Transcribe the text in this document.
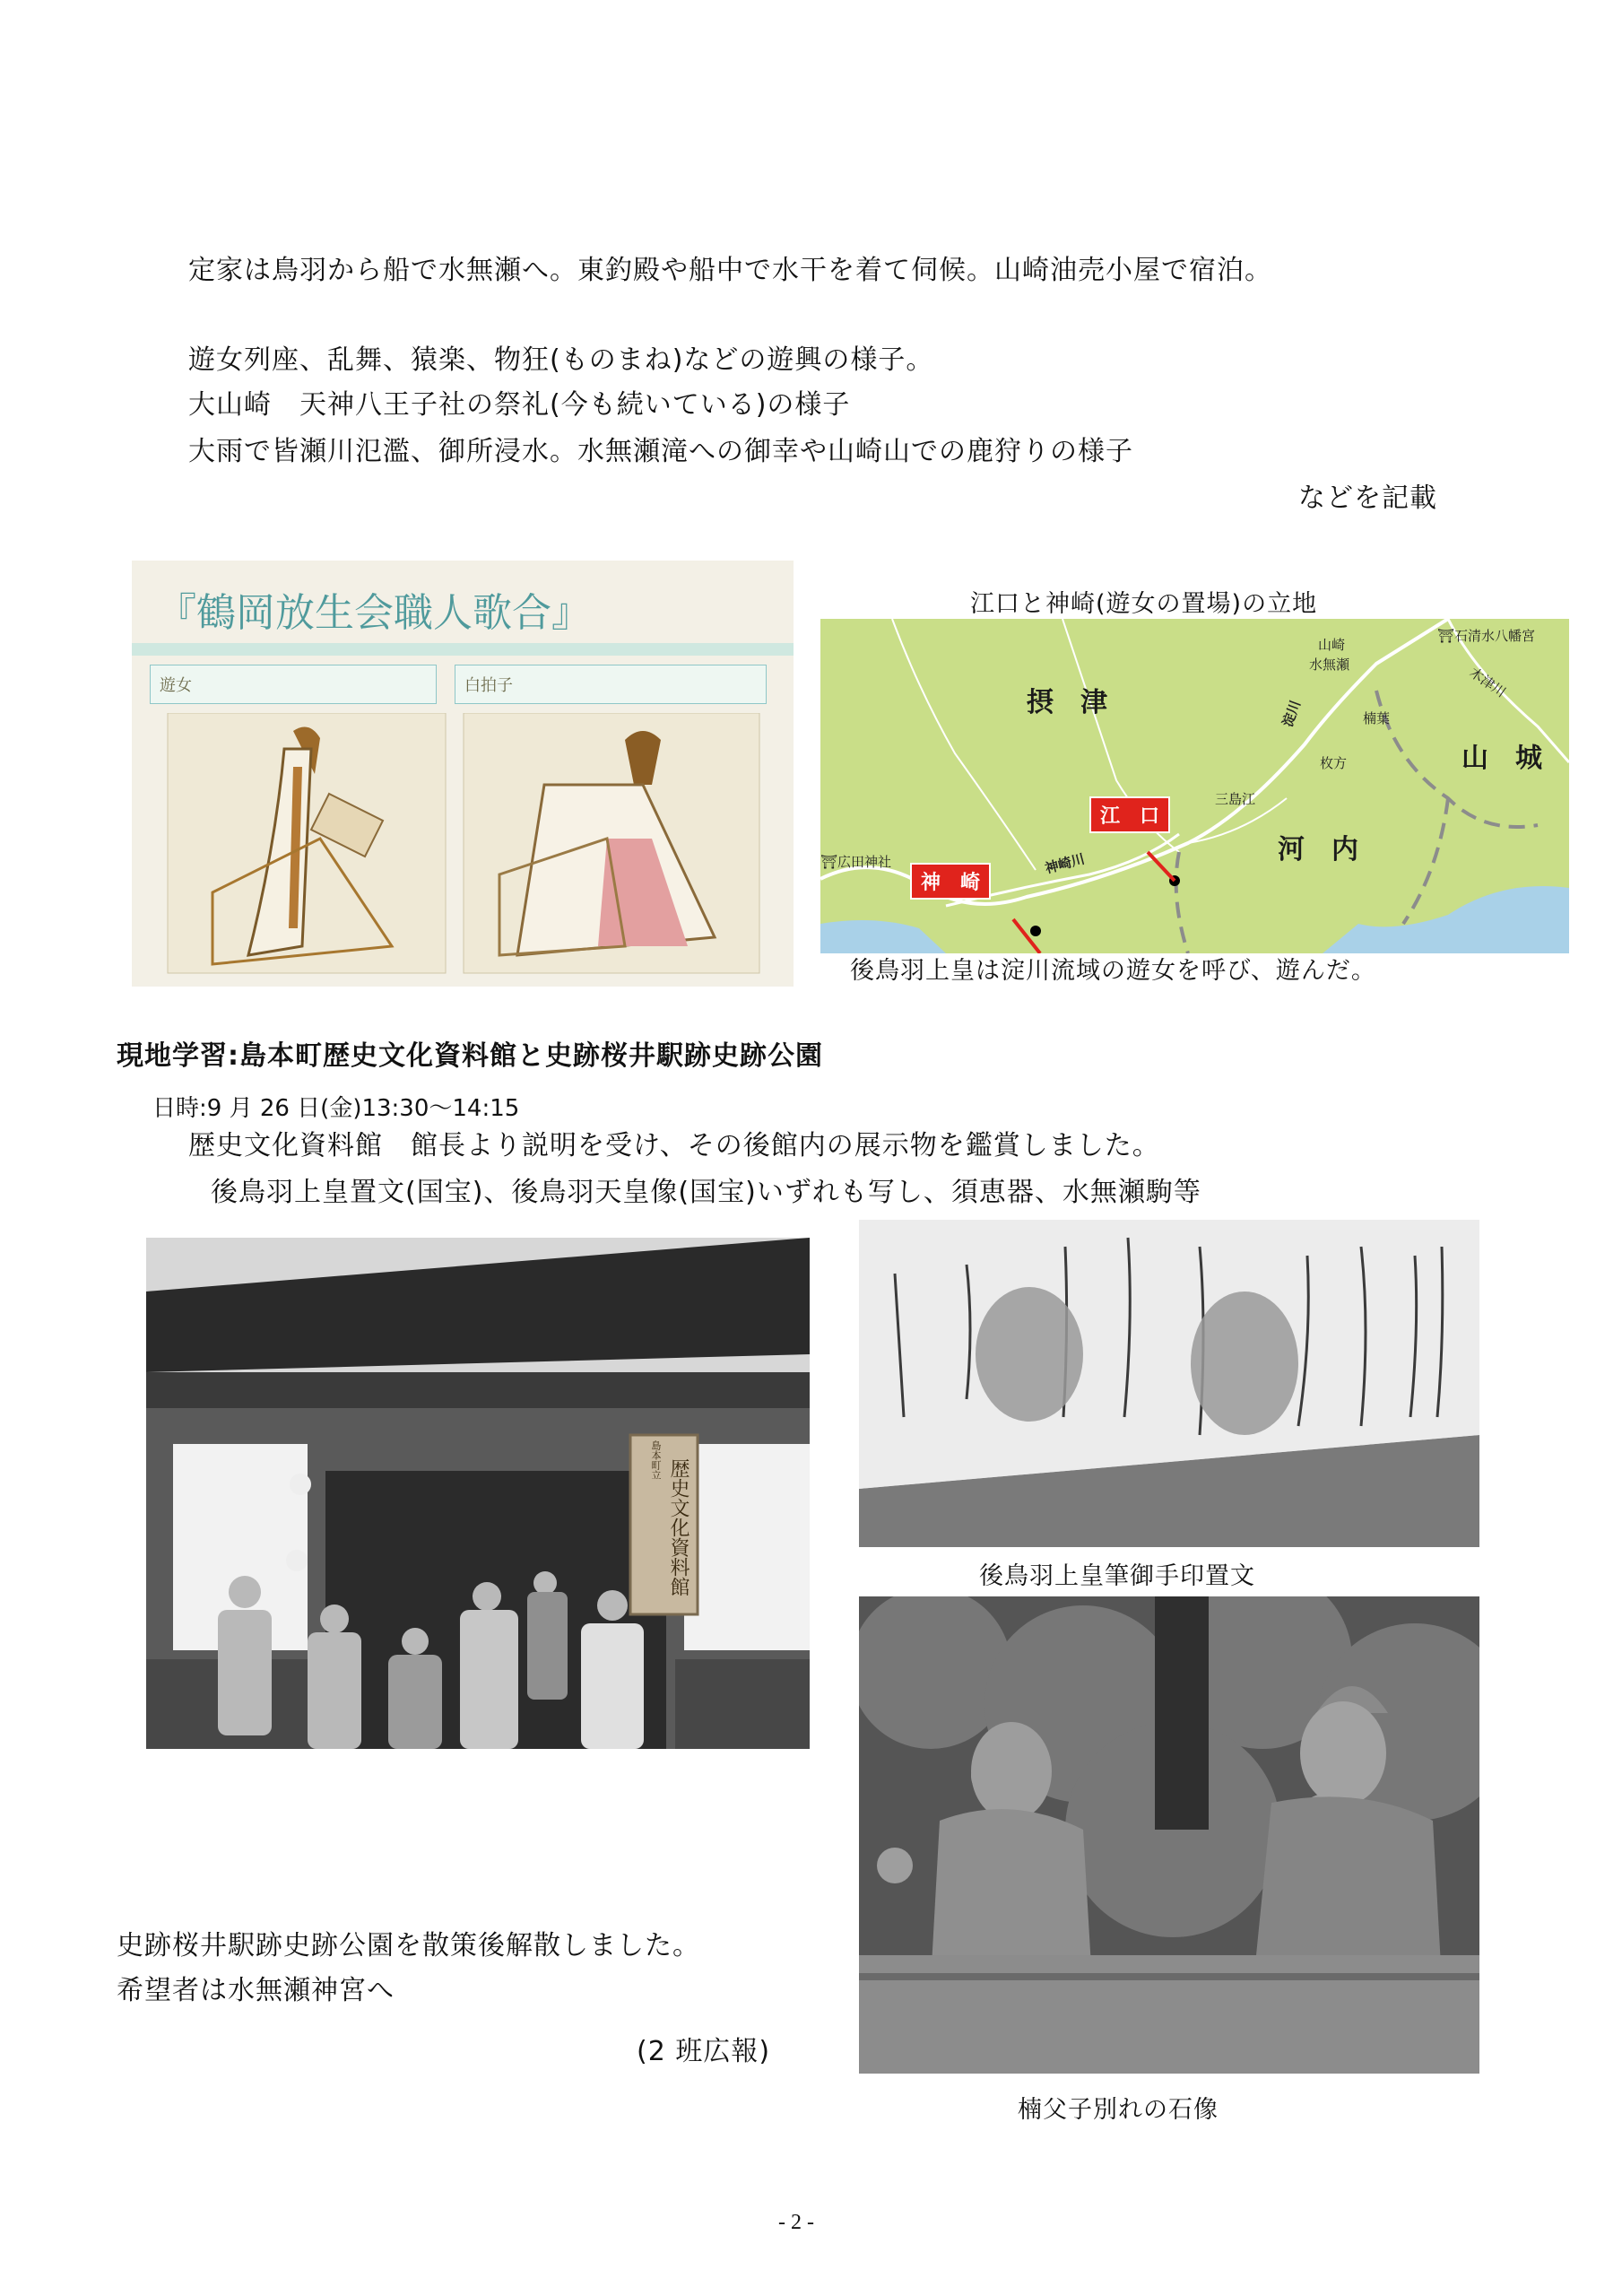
定家は鳥羽から船で水無瀬へ。東釣殿や船中で水干を着て伺候。山崎油売小屋で宿泊。
遊女列座、乱舞、猿楽、物狂(ものまね)などの遊興の様子。
大山崎　天神八王子社の祭礼(今も続いている)の様子
大雨で皆瀬川氾濫、御所浸水。水無瀬滝への御幸や山崎山での鹿狩りの様子
などを記載
『鶴岡放生会職人歌合』
遊女	白拍子
江口と神崎(遊女の置場)の立地
摂　津
山　城
河　内
江　口
神　崎
山崎
水無瀬
⛩石清水八幡宮
木津川
淀川	楠葉
枚方
三島江
神崎川
⛩広田神社
後鳥羽上皇は淀川流域の遊女を呼び、遊んだ。
現地学習:島本町歴史文化資料館と史跡桜井駅跡史跡公園
日時:9 月 26 日(金)13:30～14:15
歴史文化資料館　館長より説明を受け、その後館内の展示物を鑑賞しました。
後鳥羽上皇置文(国宝)、後鳥羽天皇像(国宝)いずれも写し、須恵器、水無瀬駒等
島本町立 歴史文化資料館	後鳥羽上皇筆御手印置文
楠父子別れの石像
史跡桜井駅跡史跡公園を散策後解散しました。
希望者は水無瀬神宮へ
(2 班広報)
- 2 -
